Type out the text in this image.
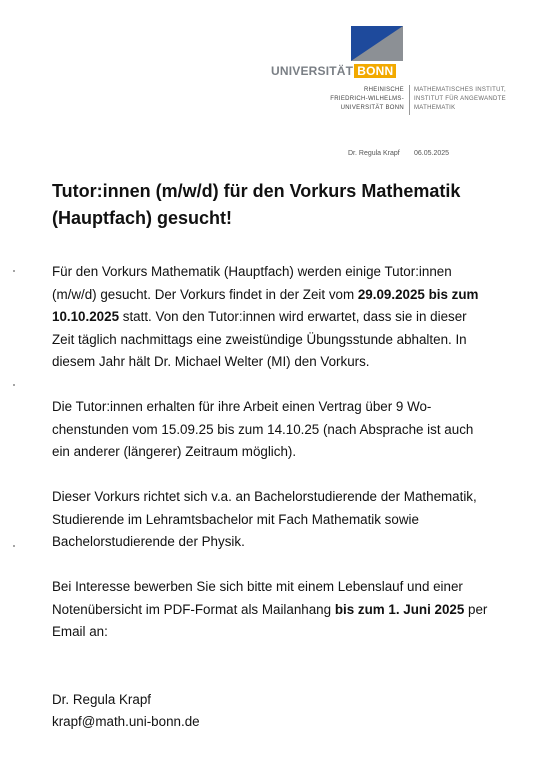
UNIVERSITÄT BONN
RHEINISCHE
FRIEDRICH-WILHELMS-
UNIVERSITÄT BONN
MATHEMATISCHES INSTITUT,
INSTITUT FÜR ANGEWANDTE
MATHEMATIK
Dr. Regula Krapf 06.05.2025
Tutor:innen (m/w/d) für den Vorkurs Mathematik (Hauptfach) gesucht!

Für den Vorkurs Mathematik (Hauptfach) werden einige Tutor:innen (m/w/d) gesucht. Der Vorkurs findet in der Zeit vom 29.09.2025 bis zum 10.10.2025 statt. Von den Tutor:innen wird erwartet, dass sie in dieser Zeit täglich nachmittags eine zweistündige Übungsstunde abhalten. In diesem Jahr hält Dr. Michael Welter (MI) den Vorkurs.

Die Tutor:innen erhalten für ihre Arbeit einen Vertrag über 9 Wochenstunden vom 15.09.25 bis zum 14.10.25 (nach Absprache ist auch ein anderer (längerer) Zeitraum möglich).

Dieser Vorkurs richtet sich v.a. an Bachelorstudierende der Mathematik, Studierende im Lehramtsbachelor mit Fach Mathematik sowie Bachelorstudierende der Physik.

Bei Interesse bewerben Sie sich bitte mit einem Lebenslauf und einer Notenübersicht im PDF-Format als Mailanhang bis zum 1. Juni 2025 per Email an:

Dr. Regula Krapf

krapf@math.uni-bonn.de
